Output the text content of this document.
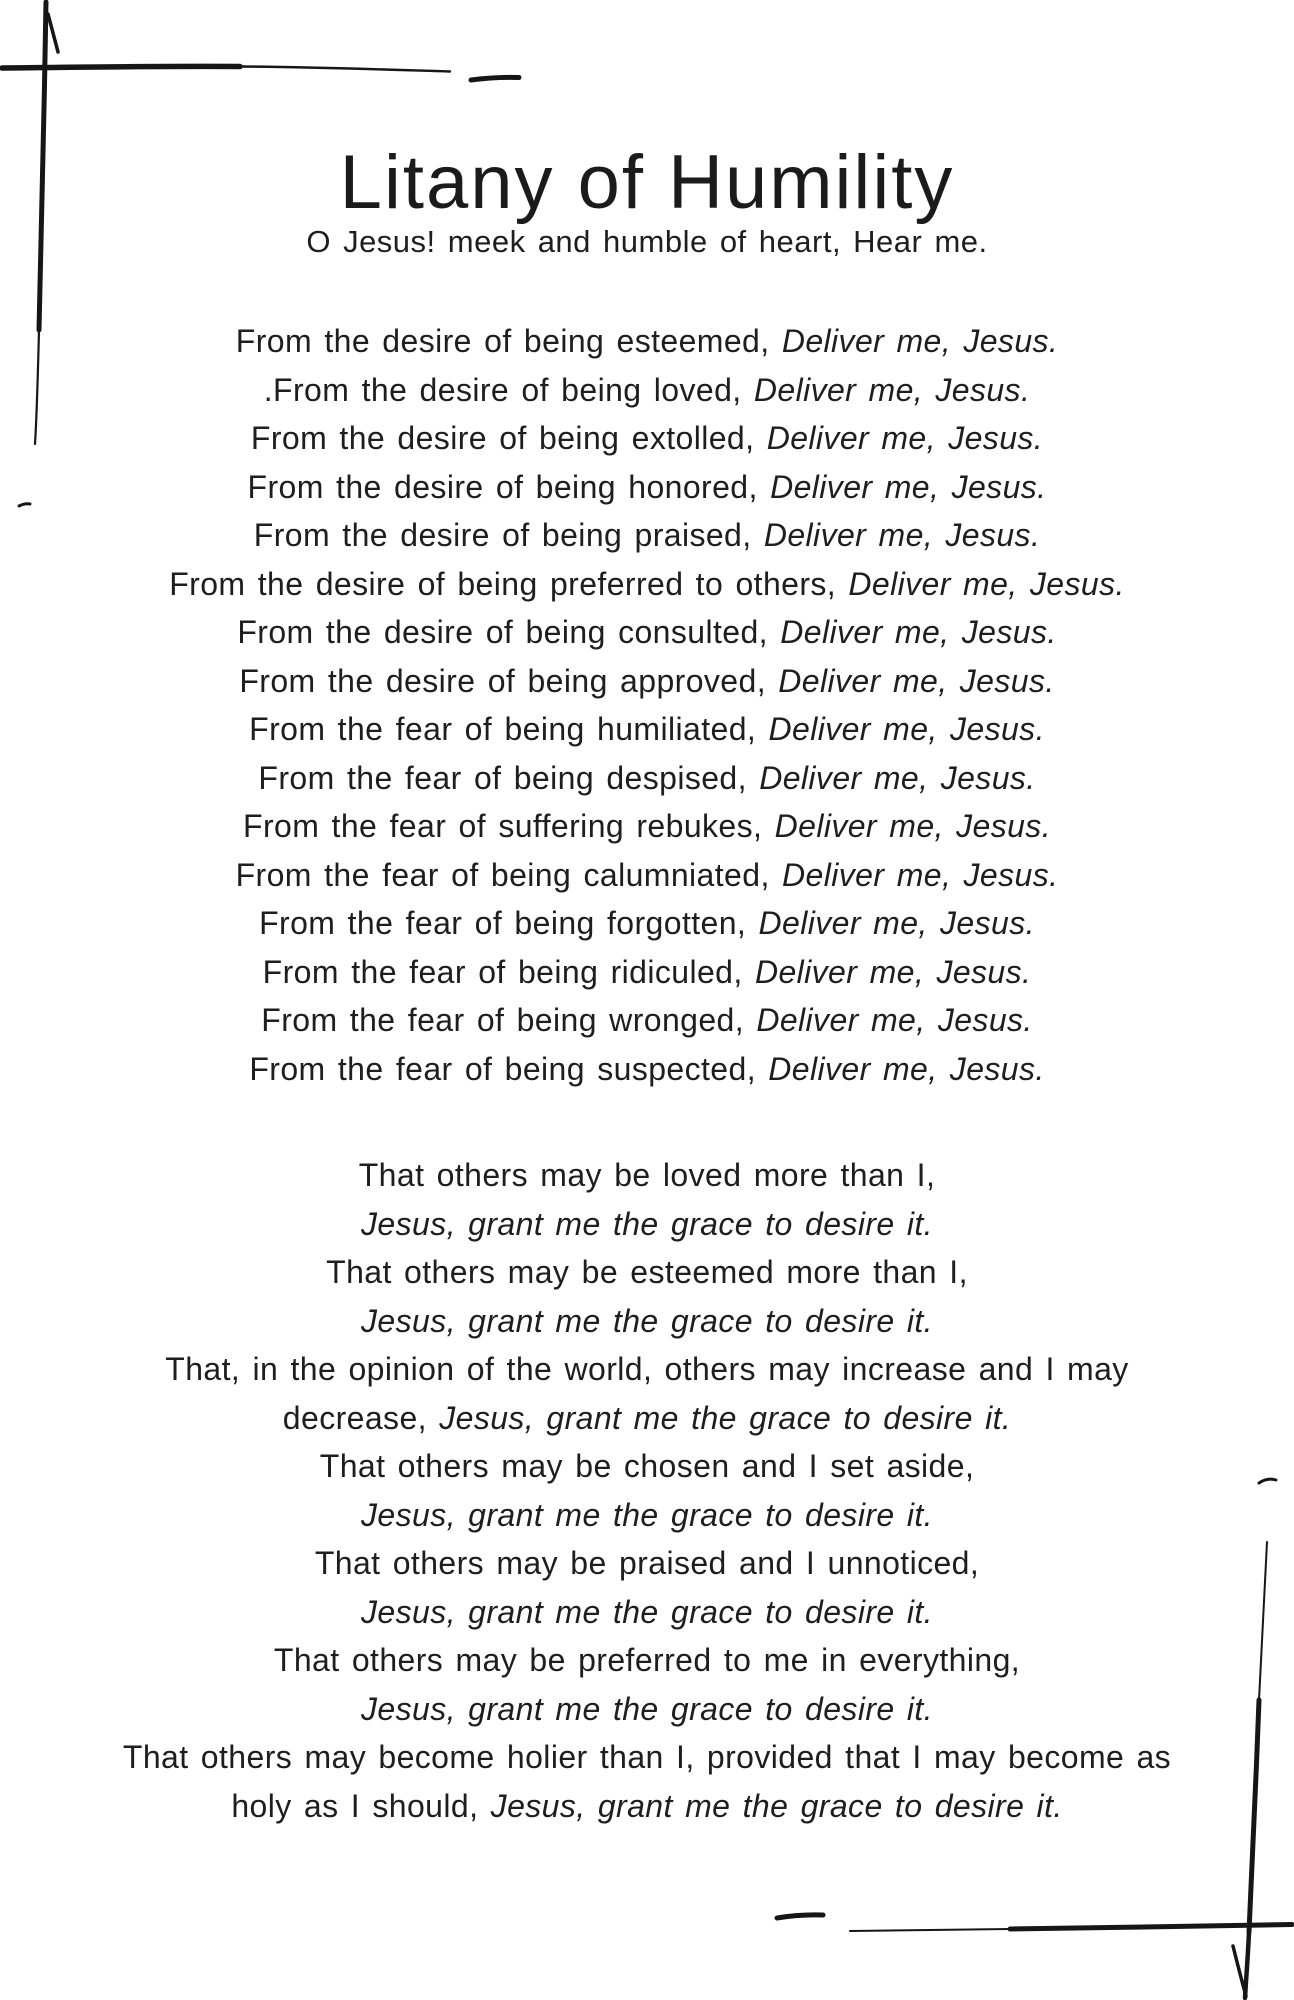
Litany of Humility
O Jesus! meek and humble of heart, Hear me.

From the desire of being esteemed, Deliver me, Jesus.

.From the desire of being loved, Deliver me, Jesus.

From the desire of being extolled, Deliver me, Jesus.

From the desire of being honored, Deliver me, Jesus.

From the desire of being praised, Deliver me, Jesus.

From the desire of being preferred to others, Deliver me, Jesus.

From the desire of being consulted, Deliver me, Jesus.

From the desire of being approved, Deliver me, Jesus.

From the fear of being humiliated, Deliver me, Jesus.

From the fear of being despised, Deliver me, Jesus.

From the fear of suffering rebukes, Deliver me, Jesus.

From the fear of being calumniated, Deliver me, Jesus.

From the fear of being forgotten, Deliver me, Jesus.

From the fear of being ridiculed, Deliver me, Jesus.

From the fear of being wronged, Deliver me, Jesus.

From the fear of being suspected, Deliver me, Jesus.

That others may be loved more than I,

Jesus, grant me the grace to desire it.

That others may be esteemed more than I,

Jesus, grant me the grace to desire it.

That, in the opinion of the world, others may increase and I may

decrease, Jesus, grant me the grace to desire it.

That others may be chosen and I set aside,

Jesus, grant me the grace to desire it.

That others may be praised and I unnoticed,

Jesus, grant me the grace to desire it.

That others may be preferred to me in everything,

Jesus, grant me the grace to desire it.

That others may become holier than I, provided that I may become as

holy as I should, Jesus, grant me the grace to desire it.
